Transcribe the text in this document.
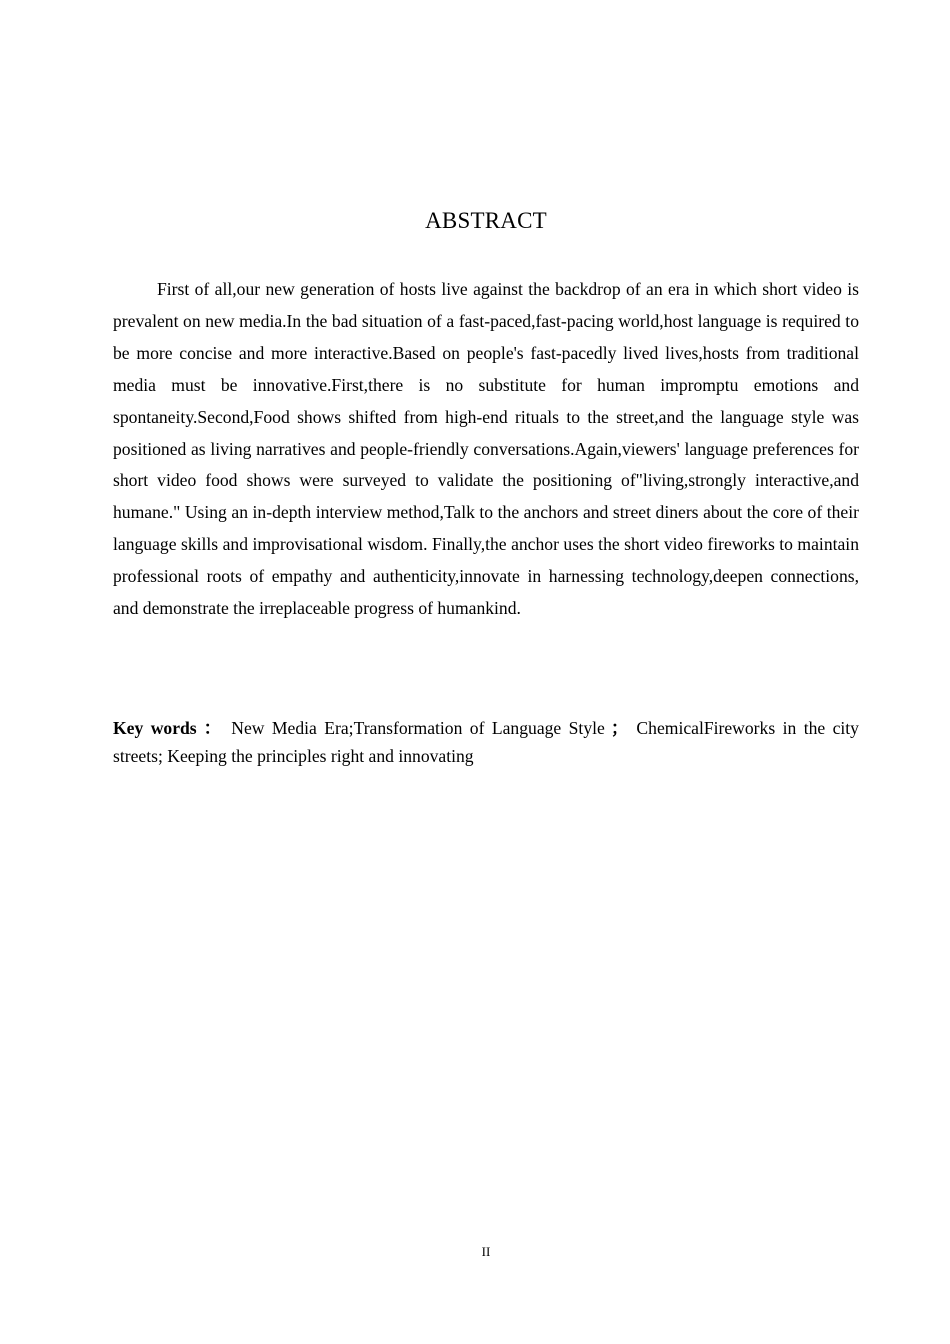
ABSTRACT

First of all,our new generation of hosts live against the backdrop of an era in which short video is prevalent on new media.In the bad situation of a fast-paced,fast-pacing world,host language is required to be more concise and more interactive.Based on people's fast-pacedly lived lives,hosts from traditional media must be innovative.First,there is no substitute for human impromptu emotions and spontaneity.Second,Food shows shifted from high-end rituals to the street,and the language style was positioned as living narratives and people-friendly conversations.Again,viewers' language preferences for short video food shows were surveyed to validate the positioning of"living,strongly interactive,and humane." Using an in-depth interview method,Talk to the anchors and street diners about the core of their language skills and improvisational wisdom. Finally,the anchor uses the short video fireworks to maintain professional roots of empathy and authenticity,innovate in harnessing technology,deepen connections, and demonstrate the irreplaceable progress of humankind.

Key words ： New Media Era;Transformation of Language Style ； ChemicalFireworks in the city streets; Keeping the principles right and innovating

II
